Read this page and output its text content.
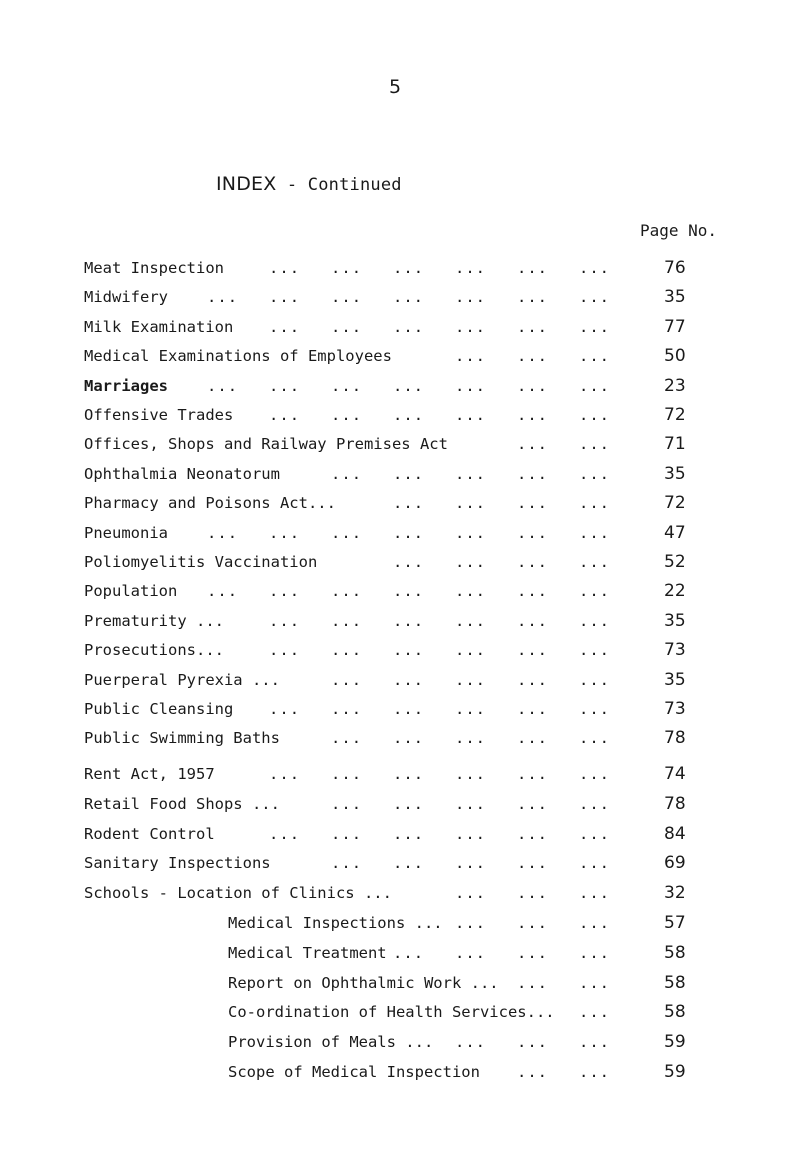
5
INDEX - Continued
Page No.
Meat Inspection	...   ...   ...   ...   ...   ...	76
Midwifery	...   ...   ...   ...   ...   ...   ...	35
Milk Examination ...   ...   ...   ...   ...   ...	77
Medical Examinations of Employees	...   ...   ...	50
Marriages	...   ...   ...   ...   ...   ...   ...	23
Offensive Trades ...   ...   ...   ...   ...   ...	72
Offices, Shops and Railway Premises Act	...   ...	71
Ophthalmia Neonatorum	...   ...   ...   ...   ...	35
Pharmacy and Poisons Act...	...   ...   ...   ...	72
Pneumonia	...   ...   ...   ...   ...   ...   ...	47
Poliomyelitis Vaccination	...   ...   ...   ...	52
Population ...   ...   ...   ...   ...   ...   ...	22
Prematurity ...	...   ...   ...   ...   ...   ...	35
Prosecutions...	...   ...   ...   ...   ...   ...	73
Puerperal Pyrexia ...	...   ...   ...   ...   ...	35
Public Cleansing ...   ...   ...   ...   ...   ...	73
Public Swimming Baths	...   ...   ...   ...   ...	78
Rent Act, 1957	...   ...   ...   ...   ...   ...	74
Retail Food Shops ...	...   ...   ...   ...   ...	78
Rodent Control	...   ...   ...   ...   ...   ...	84
Sanitary Inspections	...   ...   ...   ...   ...	69
Schools - Location of Clinics ...	...   ...   ...	32
Medical Inspections ... ...   ...   ...	57
Medical Treatment ...   ...   ...   ...	58
Report on Ophthalmic Work ... ...   ...	58
Co-ordination of Health Services... ...	58
Provision of Meals ... ...   ...   ...	59
Scope of Medical Inspection ...   ...	59
